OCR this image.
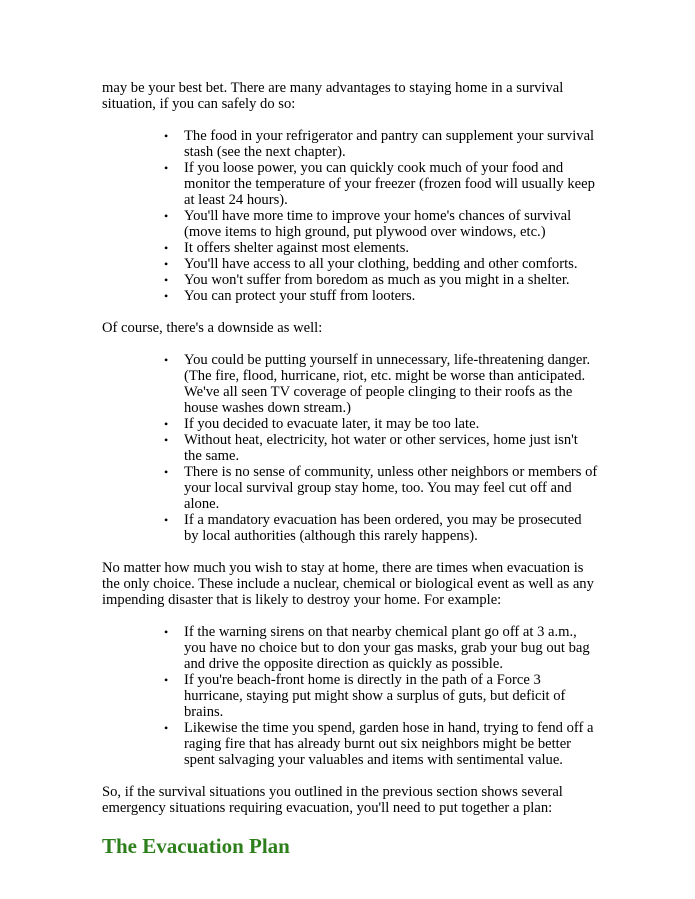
may be your best bet. There are many advantages to staying home in a survival situation, if you can safely do so:

• The food in your refrigerator and pantry can supplement your survival stash (see the next chapter).
• If you loose power, you can quickly cook much of your food and monitor the temperature of your freezer (frozen food will usually keep at least 24 hours).
• You'll have more time to improve your home's chances of survival (move items to high ground, put plywood over windows, etc.)
• It offers shelter against most elements.
• You'll have access to all your clothing, bedding and other comforts.
• You won't suffer from boredom as much as you might in a shelter.
• You can protect your stuff from looters.

Of course, there's a downside as well:

• You could be putting yourself in unnecessary, life-threatening danger. (The fire, flood, hurricane, riot, etc. might be worse than anticipated. We've all seen TV coverage of people clinging to their roofs as the house washes down stream.)
• If you decided to evacuate later, it may be too late.
• Without heat, electricity, hot water or other services, home just isn't the same.
• There is no sense of community, unless other neighbors or members of your local survival group stay home, too. You may feel cut off and alone.
• If a mandatory evacuation has been ordered, you may be prosecuted by local authorities (although this rarely happens).

No matter how much you wish to stay at home, there are times when evacuation is the only choice. These include a nuclear, chemical or biological event as well as any impending disaster that is likely to destroy your home. For example:

• If the warning sirens on that nearby chemical plant go off at 3 a.m., you have no choice but to don your gas masks, grab your bug out bag and drive the opposite direction as quickly as possible.
• If you're beach-front home is directly in the path of a Force 3 hurricane, staying put might show a surplus of guts, but deficit of brains.
• Likewise the time you spend, garden hose in hand, trying to fend off a raging fire that has already burnt out six neighbors might be better spent salvaging your valuables and items with sentimental value.

So, if the survival situations you outlined in the previous section shows several emergency situations requiring evacuation, you'll need to put together a plan:

The Evacuation Plan
